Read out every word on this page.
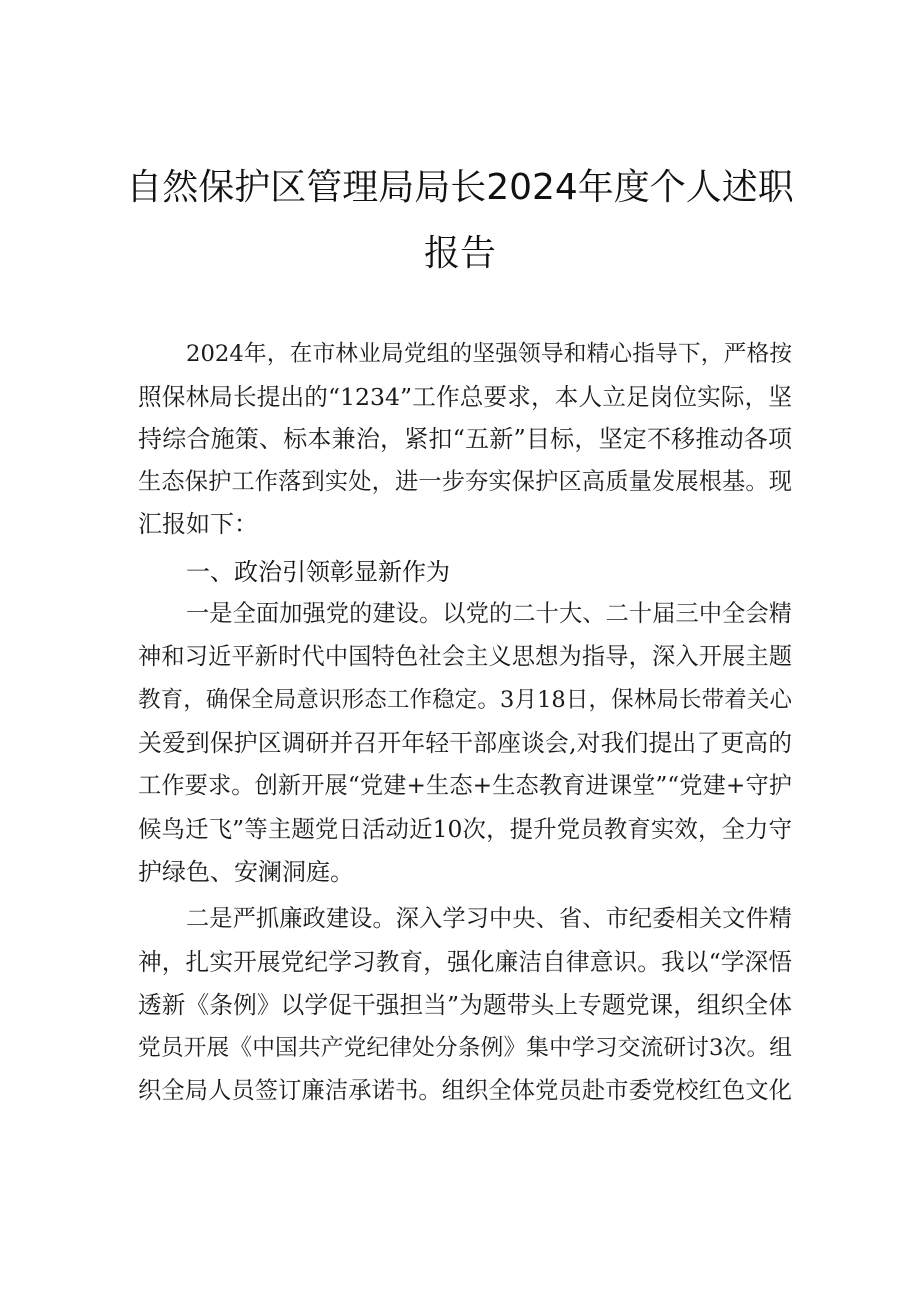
自然保护区管理局局长2024年度个人述职
报告
2024年，在市林业局党组的坚强领导和精心指导下，严格按
照保林局长提出的“1234”工作总要求，本人立足岗位实际，坚
持综合施策、标本兼治，紧扣“五新”目标，坚定不移推动各项
生态保护工作落到实处，进一步夯实保护区高质量发展根基。现
汇报如下：
一、政治引领彰显新作为
一是全面加强党的建设。以党的二十大、二十届三中全会精
神和习近平新时代中国特色社会主义思想为指导，深入开展主题
教育，确保全局意识形态工作稳定。3月18日，保林局长带着关心
关爱到保护区调研并召开年轻干部座谈会,对我们提出了更高的
工作要求。创新开展“党建+生态+生态教育进课堂”“党建+守护
候鸟迁飞”等主题党日活动近10次，提升党员教育实效，全力守
护绿色、安澜洞庭。
二是严抓廉政建设。深入学习中央、省、市纪委相关文件精
神，扎实开展党纪学习教育，强化廉洁自律意识。我以“学深悟
透新《条例》以学促干强担当”为题带头上专题党课，组织全体
党员开展《中国共产党纪律处分条例》集中学习交流研讨3次。组
织全局人员签订廉洁承诺书。组织全体党员赴市委党校红色文化
